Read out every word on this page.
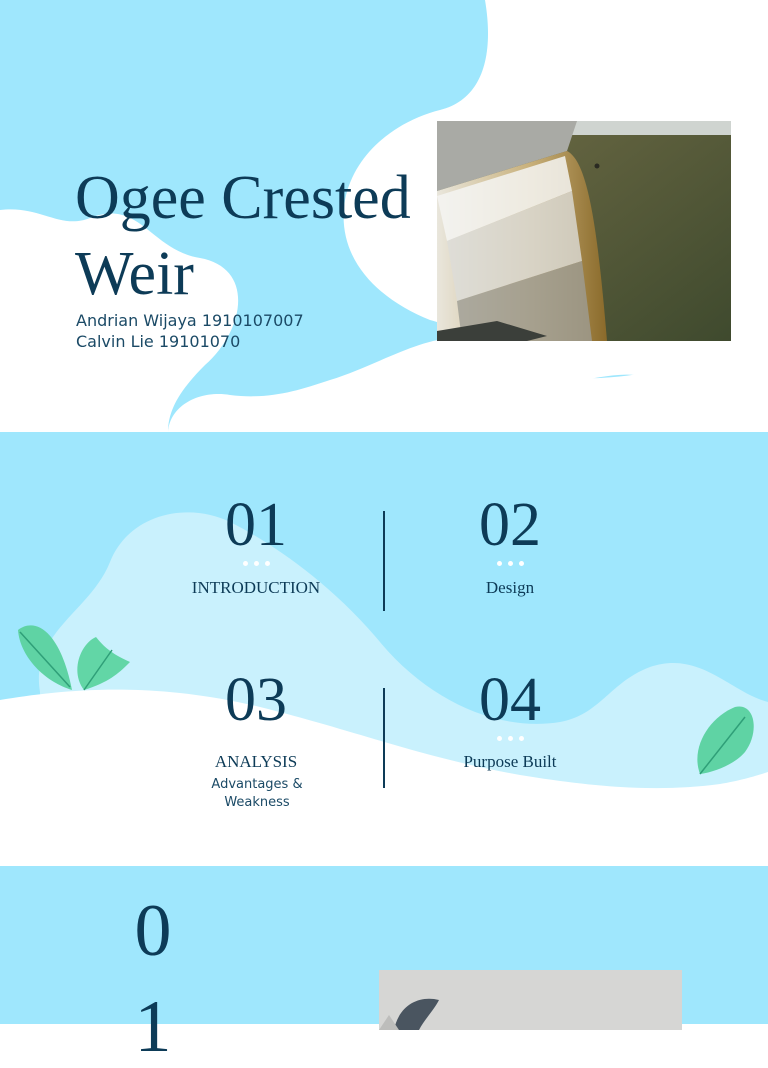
Ogee Crested
Weir
Andrian Wijaya 1910107007
Calvin Lie 19101070
01
INTRODUCTION
02
Design
03
ANALYSIS
Advantages & Weakness
04
Purpose Built
0
1
